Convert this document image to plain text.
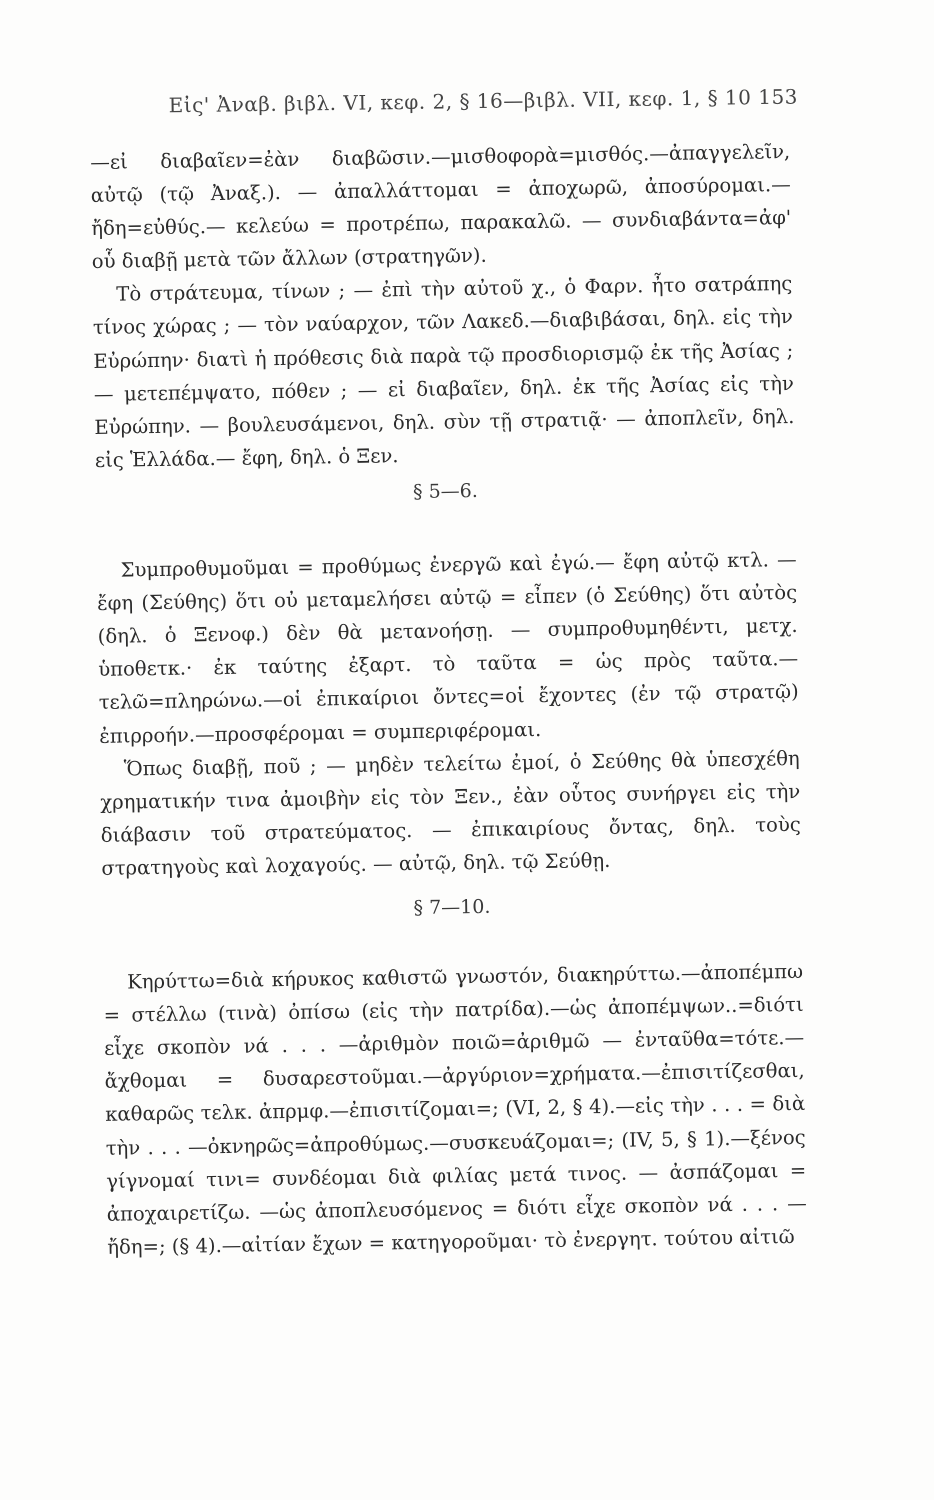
Εἰς' Ἀναβ. βιβλ. VI, κεφ. 2, § 16—βιβλ. VII, κεφ. 1, § 10 153

—εἰ διαβαῖεν=ἐὰν διαβῶσιν.—μισθοφορὰ=μισθός.—ἀπαγγελεῖν, αὐτῷ (τῷ Ἀναξ.). — ἀπαλλάττομαι = ἀποχωρῶ, ἀποσύρομαι.—ἤδη=εὐθύς.— κελεύω = προτρέπω, παρακαλῶ. — συνδιαβάντα=ἀφ' οὗ διαβῇ μετὰ τῶν ἄλλων (στρατηγῶν).

Τὸ στράτευμα, τίνων ; — ἐπὶ τὴν αὐτοῦ χ., ὁ Φαρν. ἦτο σατράπης τίνος χώρας ; — τὸν ναύαρχον, τῶν Λακεδ.—διαβιβάσαι, δηλ. εἰς τὴν Εὐρώπην· διατὶ ἡ πρόθεσις διὰ παρὰ τῷ προσδιορισμῷ ἐκ τῆς Ἀσίας ; — μετεπέμψατο, πόθεν ; — εἰ διαβαῖεν, δηλ. ἐκ τῆς Ἀσίας εἰς τὴν Εὐρώπην. — βουλευσάμενοι, δηλ. σὺν τῇ στρατιᾷ· — ἀποπλεῖν, δηλ. εἰς Ἑλλάδα.— ἔφη, δηλ. ὁ Ξεν.

§ 5—6.

Συμπροθυμοῦμαι = προθύμως ἐνεργῶ καὶ ἐγώ.— ἔφη αὐτῷ κτλ. — ἔφη (Σεύθης) ὅτι οὐ μεταμελήσει αὐτῷ = εἶπεν (ὁ Σεύθης) ὅτι αὐτὸς (δηλ. ὁ Ξενοφ.) δὲν θὰ μετανοήσῃ. — συμπροθυμηθέντι, μετχ. ὑποθετκ.· ἐκ ταύτης ἐξαρτ. τὸ ταῦτα = ὡς πρὸς ταῦτα.— τελῶ=πληρώνω.—οἱ ἐπικαίριοι ὄντες=οἱ ἔχοντες (ἐν τῷ στρατῷ) ἐπιρροήν.—προσφέρομαι = συμπεριφέρομαι.

Ὅπως διαβῇ, ποῦ ; — μηδὲν τελείτω ἐμοί, ὁ Σεύθης θὰ ὑπεσχέθη χρηματικήν τινα ἀμοιβὴν εἰς τὸν Ξεν., ἐὰν οὗτος συνήργει εἰς τὴν διάβασιν τοῦ στρατεύματος. — ἐπικαιρίους ὄντας, δηλ. τοὺς στρατηγοὺς καὶ λοχαγούς. — αὐτῷ, δηλ. τῷ Σεύθῃ.

§ 7—10.

Κηρύττω=διὰ κήρυκος καθιστῶ γνωστόν, διακηρύττω.—ἀποπέμπω = στέλλω (τινὰ) ὀπίσω (εἰς τὴν πατρίδα).—ὡς ἀποπέμψων..=διότι εἶχε σκοπὸν νά . . . —ἀριθμὸν ποιῶ=ἀριθμῶ — ἐνταῦθα=τότε.—ἄχθομαι = δυσαρεστοῦμαι.—ἀργύριον=χρήματα.—ἐπισιτίζεσθαι, καθαρῶς τελκ. ἀπρμφ.—ἐπισιτίζομαι=; (VI, 2, § 4).—εἰς τὴν . . . = διὰ τὴν . . . —ὀκνηρῶς=ἀπροθύμως.—συσκευάζομαι=; (IV, 5, § 1).—ξένος γίγνομαί τινι= συνδέομαι διὰ φιλίας μετά τινος. — ἀσπάζομαι = ἀποχαιρετίζω. —ὡς ἀποπλευσόμενος = διότι εἶχε σκοπὸν νά . . . — ἤδη=; (§ 4).—αἰτίαν ἔχων = κατηγοροῦμαι· τὸ ἐνεργητ. τούτου αἰτιῶ
